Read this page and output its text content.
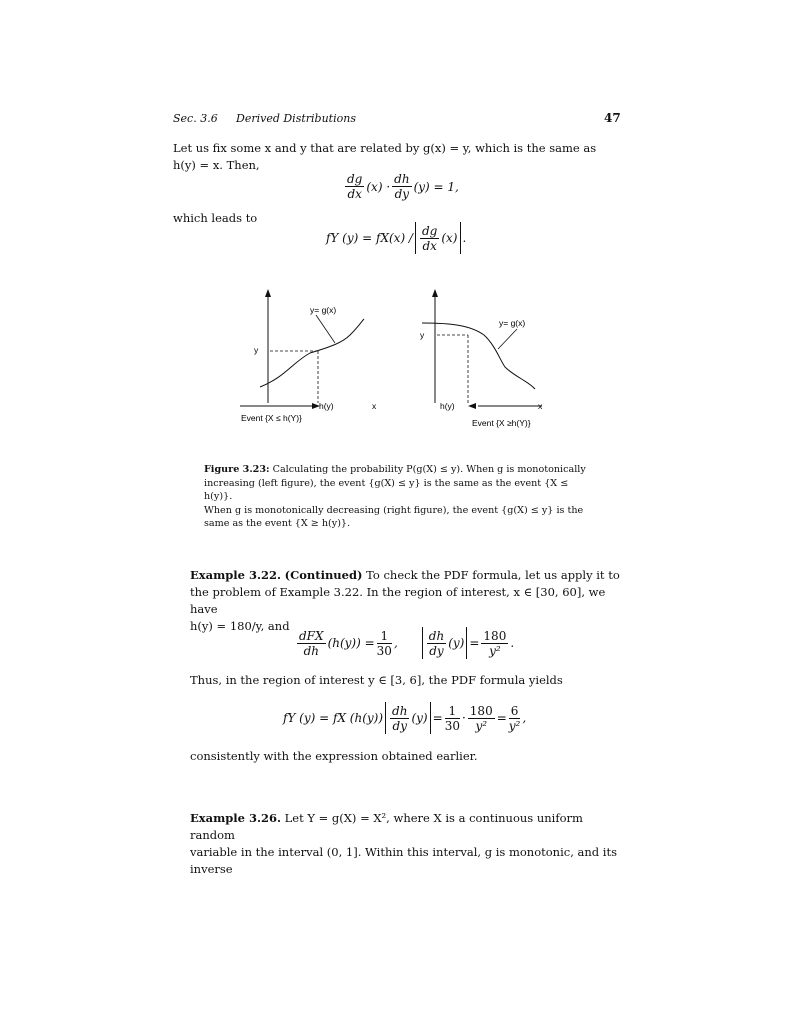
Sec. 3.6 Derived Distributions	47
Let us fix some x and y that are related by g(x) = y, which is the same as
h(y) = x. Then,
$\frac{dg}{dx} (x) \cdot \frac{dh}{dy} (y) = 1$,
which leads to
fY $(y) = fX(x) / \frac{dg}{dx} (x)$ .
y= g(x)
y
h(y)	x
Event {X ≤ h(Y)}
y= g(x)
y
h(y)	x
Event {X ≥h(Y)}
Figure 3.23: Calculating the probability P(g(X) ≤ y). When g is monotonically
increasing (left figure), the event {g(X) ≤ y} is the same as the event {X ≤ h(y)}.
When g is monotonically decreasing (right figure), the event {g(X) ≤ y} is the
same as the event {X ≥ h(y)}.
Example 3.22. (Continued) To check the PDF formula, let us apply it to
the problem of Example 3.22. In the region of interest, x ∈ [30, 60], we have
h(y) = 180/y, and
$\frac{\text{dFX}}{dh} (h(y)) = \frac{1}{30}$ , $\frac{dh}{dy} (y) = \frac{180}{\text{y²}}$ .
Thus, in the region of interest y ∈ [3, 6], the PDF formula yields
fY (y) = fX $(h(y)) \frac{dh}{dy} (y) = \frac{1}{30} \cdot \frac{180}{\text{y²}} = \frac{6}{\text{y²}}$ ,
consistently with the expression obtained earlier.
Example 3.26. Let Y = g(X) = X², where X is a continuous uniform random
variable in the interval (0, 1]. Within this interval, g is monotonic, and its inverse
